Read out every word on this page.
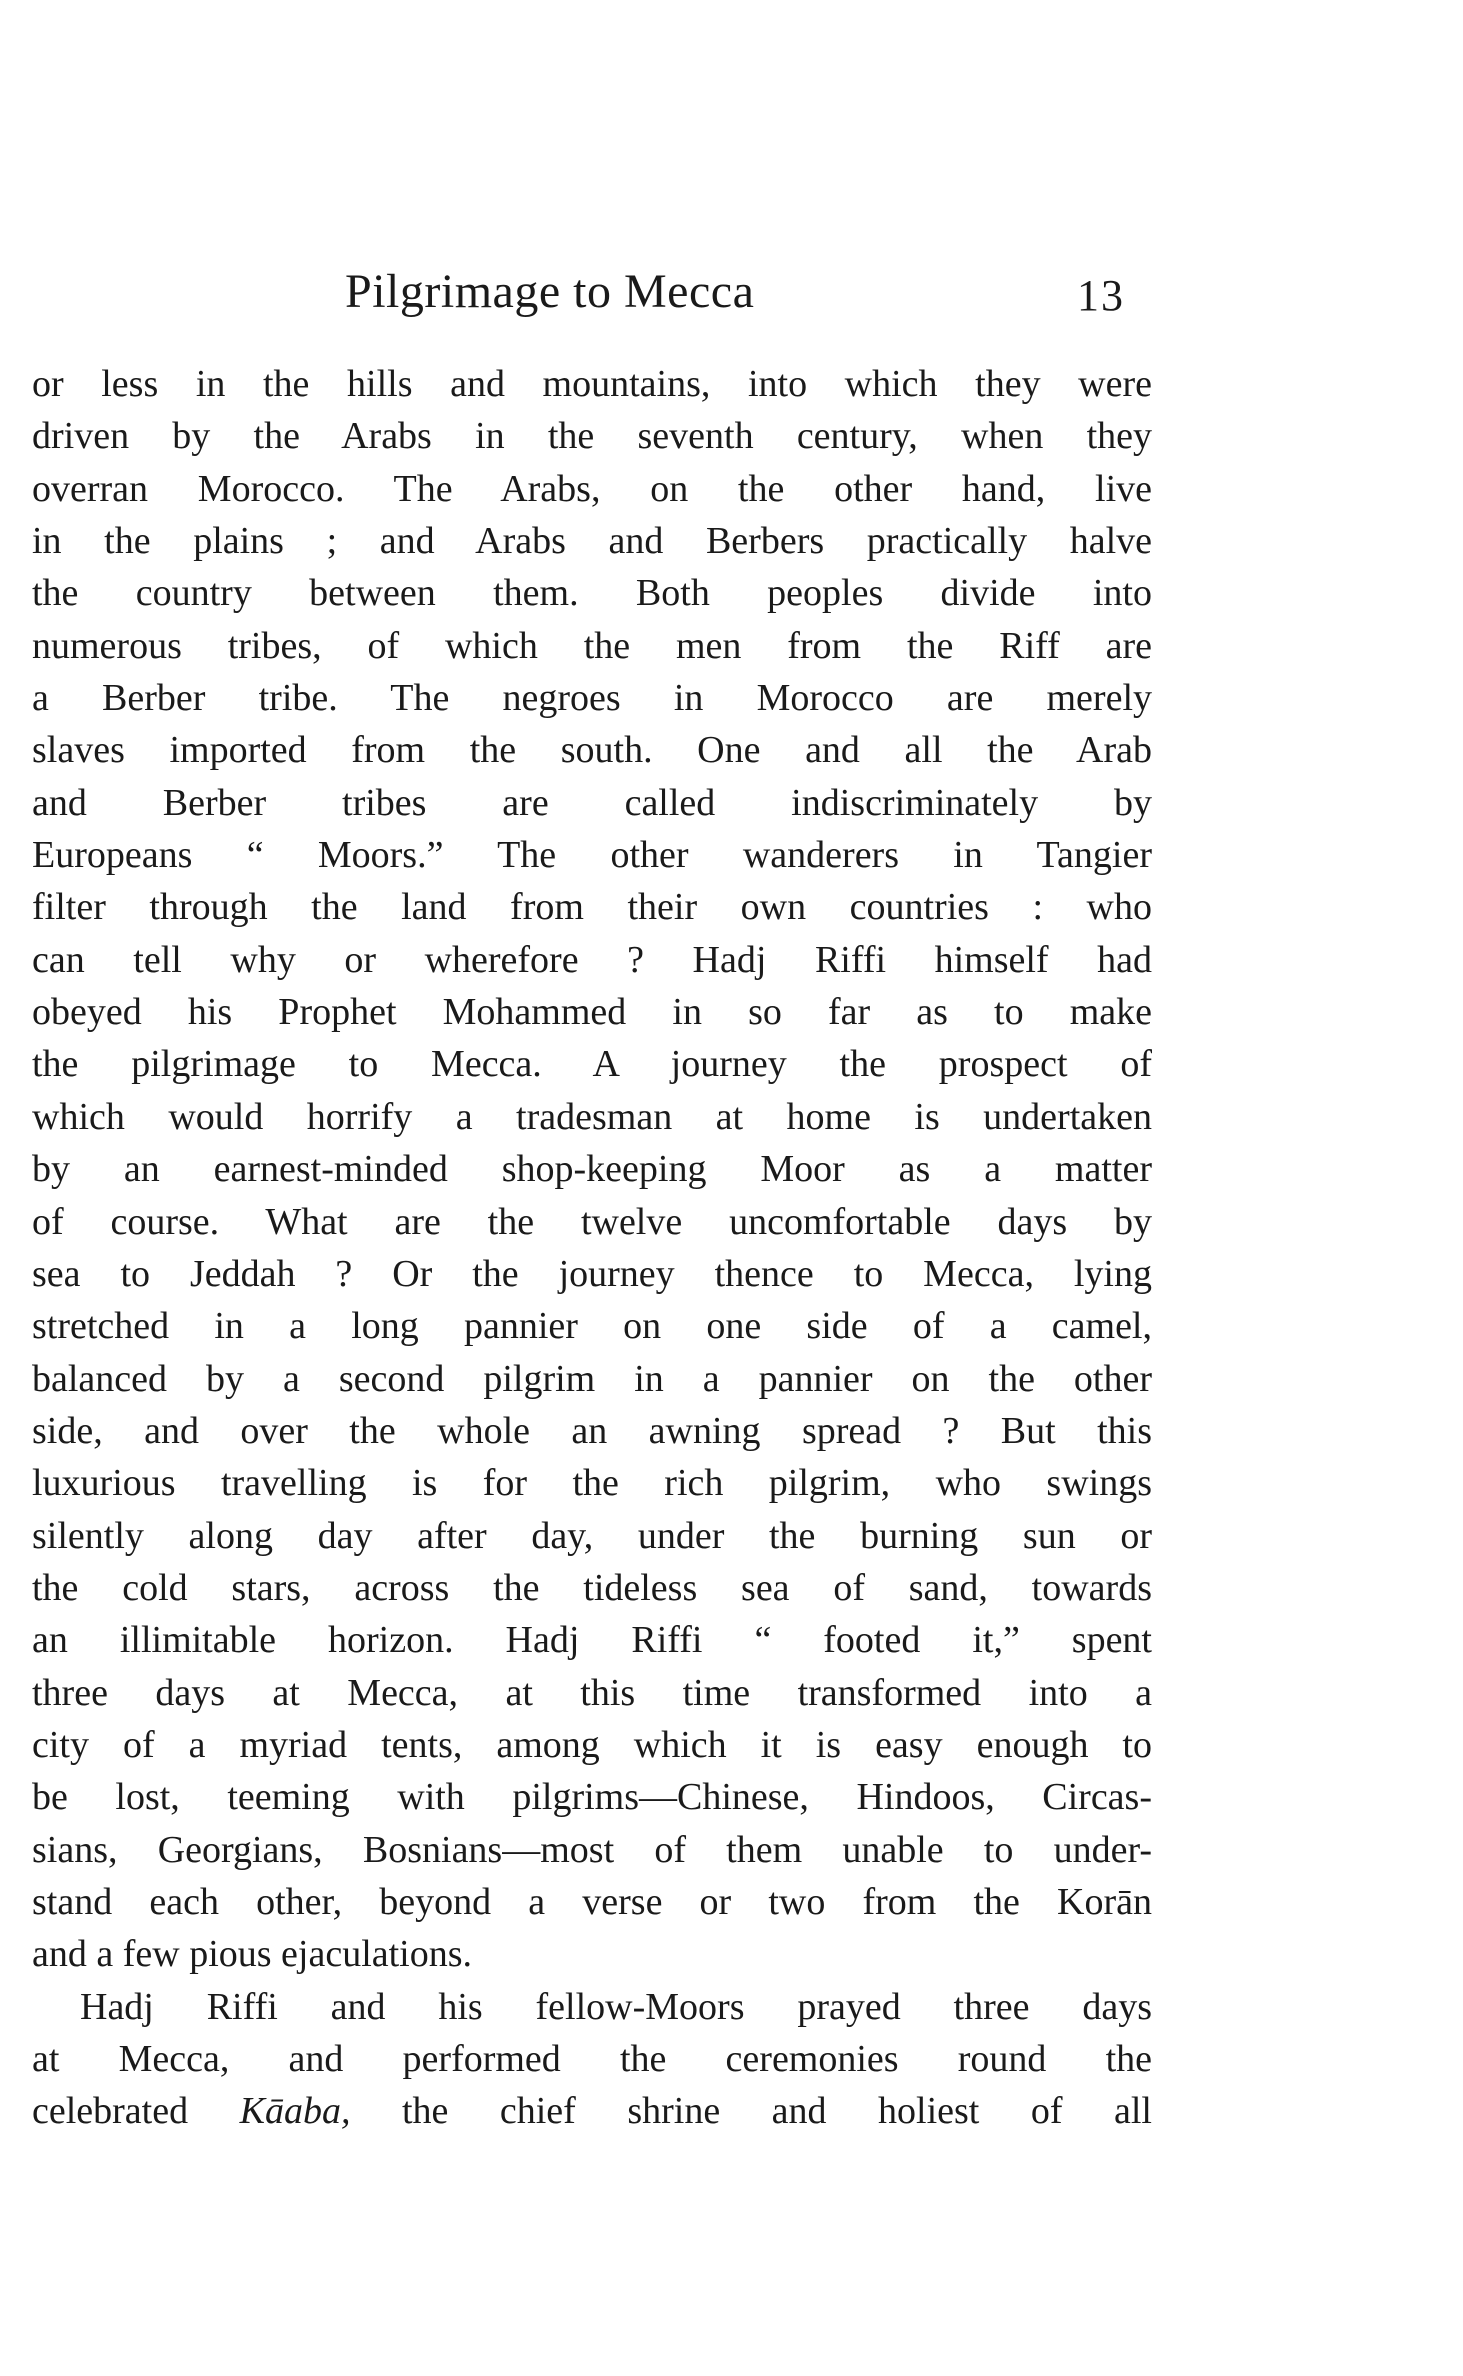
Pilgrimage to Mecca	13
or less in the hills and mountains, into which they were
driven by the Arabs in the seventh century, when they
overran Morocco. The Arabs, on the other hand, live
in the plains ; and Arabs and Berbers practically halve
the country between them. Both peoples divide into
numerous tribes, of which the men from the Riff are
a Berber tribe. The negroes in Morocco are merely
slaves imported from the south. One and all the Arab
and Berber tribes are called indiscriminately by
Europeans “ Moors.” The other wanderers in Tangier
filter through the land from their own countries : who
can tell why or wherefore ? Hadj Riffi himself had
obeyed his Prophet Mohammed in so far as to make
the pilgrimage to Mecca. A journey the prospect of
which would horrify a tradesman at home is undertaken
by an earnest-minded shop-keeping Moor as a matter
of course. What are the twelve uncomfortable days by
sea to Jeddah ? Or the journey thence to Mecca, lying
stretched in a long pannier on one side of a camel,
balanced by a second pilgrim in a pannier on the other
side, and over the whole an awning spread ? But this
luxurious travelling is for the rich pilgrim, who swings
silently along day after day, under the burning sun or
the cold stars, across the tideless sea of sand, towards
an illimitable horizon. Hadj Riffi “ footed it,” spent
three days at Mecca, at this time transformed into a
city of a myriad tents, among which it is easy enough to
be lost, teeming with pilgrims—Chinese, Hindoos, Circas-
sians, Georgians, Bosnians—most of them unable to under-
stand each other, beyond a verse or two from the Korān
and a few pious ejaculations.
Hadj Riffi and his fellow-Moors prayed three days
at Mecca, and performed the ceremonies round the
celebrated Kāaba, the chief shrine and holiest of all
